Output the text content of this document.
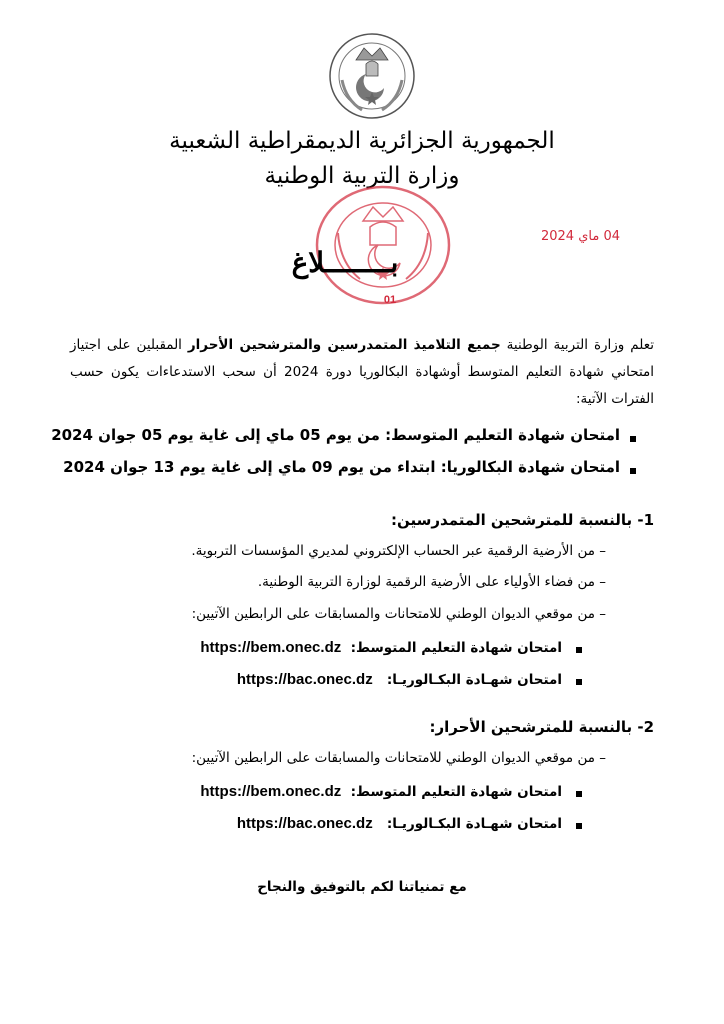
الجمهورية الجزائرية الديمقراطية الشعبية
وزارة التربية الوطنية
01
04 ماي 2024
بــــــــلاغ

تعلم وزارة التربية الوطنية جميع التلاميذ المتمدرسين والمترشحين الأحرار المقبلين على اجتياز امتحاني شهادة التعليم المتوسط أوشهادة البكالوريا دورة 2024 أن سحب الاستدعاءات يكون حسب الفترات الآتية:

امتحان شهادة التعليم المتوسط: من يوم 05 ماي إلى غاية يوم 05 جوان 2024
امتحان شهادة البكالوريا: ابتداء من يوم 09 ماي إلى غاية يوم 13 جوان 2024
1- بالنسبة للمترشحين المتمدرسين:
– من الأرضية الرقمية عبر الحساب الإلكتروني لمديري المؤسسات التربوية.
– من فضاء الأولياء على الأرضية الرقمية لوزارة التربية الوطنية.
– من موقعي الديوان الوطني للامتحانات والمسابقات على الرابطين الآتيين:
امتحان شهادة التعليم المتوسط:  https://bem.onec.dz
امتحان شهـادة البكـالوريـا:   https://bac.onec.dz
2- بالنسبة للمترشحين الأحرار:
– من موقعي الديوان الوطني للامتحانات والمسابقات على الرابطين الآتيين:
امتحان شهادة التعليم المتوسط:  https://bem.onec.dz
امتحان شهـادة البكـالوريـا:   https://bac.onec.dz
مع تمنياتنا لكم بالتوفيق والنجاح
